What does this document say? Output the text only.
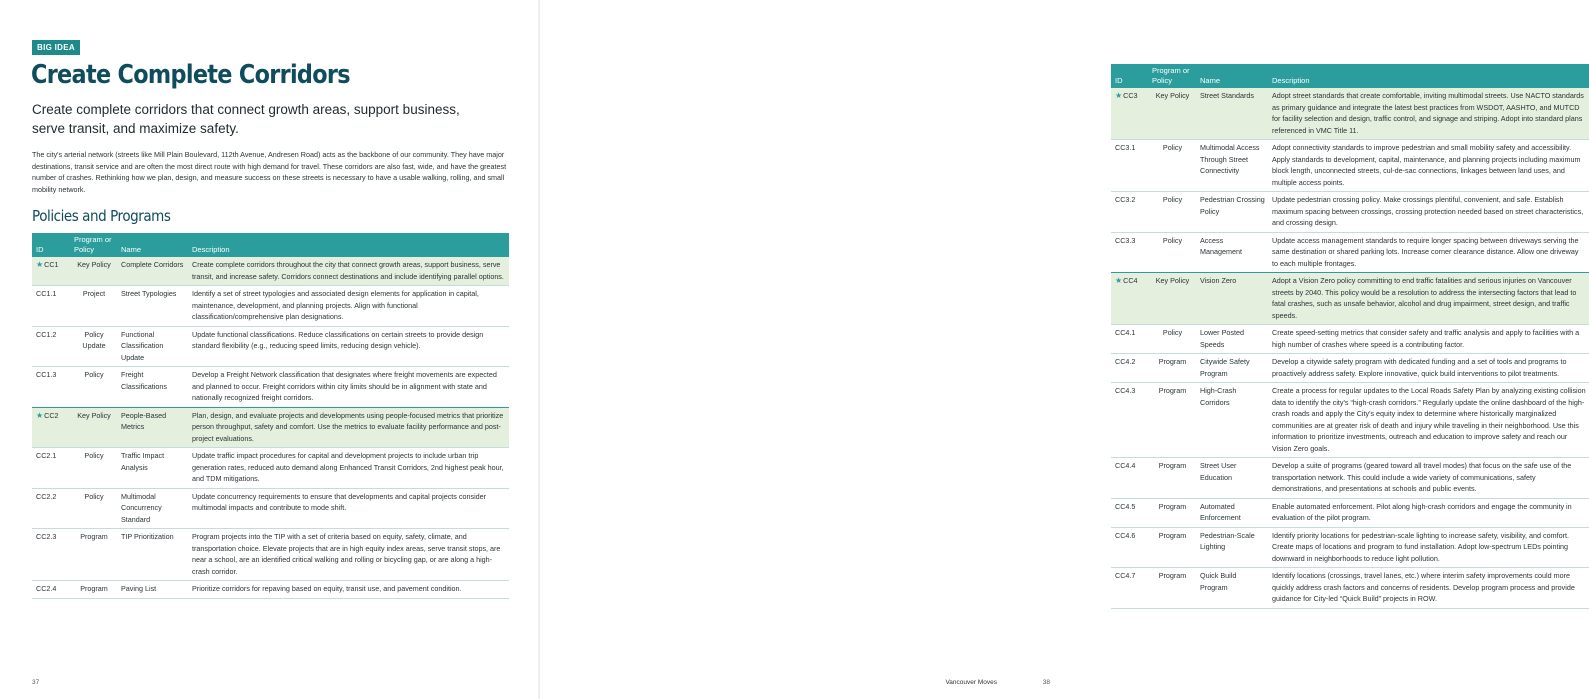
BIG IDEA
Create Complete Corridors
Create complete corridors that connect growth areas, support business, serve transit, and maximize safety.
The city's arterial network (streets like Mill Plain Boulevard, 112th Avenue, Andresen Road) acts as the backbone of our community. They have major destinations, transit service and are often the most direct route with high demand for travel. These corridors are also fast, wide, and have the greatest number of crashes. Rethinking how we plan, design, and measure success on these streets is necessary to have a usable walking, rolling, and small mobility network.
Policies and Programs
ID	Program or Policy	Name	Description
★CC1	Key Policy	Complete Corridors	Create complete corridors throughout the city that connect growth areas, support business, serve transit, and increase safety. Corridors connect destinations and include identifying parallel options.
CC1.1	Project	Street Typologies	Identify a set of street typologies and associated design elements for application in capital, maintenance, development, and planning projects. Align with functional classification/comprehensive plan designations.
CC1.2	Policy Update	Functional Classification Update	Update functional classifications. Reduce classifications on certain streets to provide design standard flexibility (e.g., reducing speed limits, reducing design vehicle).
CC1.3	Policy	Freight Classifications	Develop a Freight Network classification that designates where freight movements are expected and planned to occur. Freight corridors within city limits should be in alignment with state and nationally recognized freight corridors.
★CC2	Key Policy	People-Based Metrics	Plan, design, and evaluate projects and developments using people-focused metrics that prioritize person throughput, safety and comfort. Use the metrics to evaluate facility performance and post-project evaluations.
CC2.1	Policy	Traffic Impact Analysis	Update traffic impact procedures for capital and development projects to include urban trip generation rates, reduced auto demand along Enhanced Transit Corridors, 2nd highest peak hour, and TDM mitigations.
CC2.2	Policy	Multimodal Concurrency Standard	Update concurrency requirements to ensure that developments and capital projects consider multimodal impacts and contribute to mode shift.
CC2.3	Program	TIP Prioritization	Program projects into the TIP with a set of criteria based on equity, safety, climate, and transportation choice. Elevate projects that are in high equity index areas, serve transit stops, are near a school, are an identified critical walking and rolling or bicycling gap, or are along a high-crash corridor.
CC2.4	Program	Paving List	Prioritize corridors for repaving based on equity, transit use, and pavement condition.
37
ID	Program or Policy	Name	Description
★CC3	Key Policy	Street Standards	Adopt street standards that create comfortable, inviting multimodal streets. Use NACTO standards as primary guidance and integrate the latest best practices from WSDOT, AASHTO, and MUTCD for facility selection and design, traffic control, and signage and striping. Adopt into standard plans referenced in VMC Title 11.
CC3.1	Policy	Multimodal Access Through Street Connectivity	Adopt connectivity standards to improve pedestrian and small mobility safety and accessibility. Apply standards to development, capital, maintenance, and planning projects including maximum block length, unconnected streets, cul-de-sac connections, linkages between land uses, and multiple access points.
CC3.2	Policy	Pedestrian Crossing Policy	Update pedestrian crossing policy. Make crossings plentiful, convenient, and safe. Establish maximum spacing between crossings, crossing protection needed based on street characteristics, and crossing design.
CC3.3	Policy	Access Management	Update access management standards to require longer spacing between driveways serving the same destination or shared parking lots. Increase corner clearance distance. Allow one driveway to each multiple frontages.
★CC4	Key Policy	Vision Zero	Adopt a Vision Zero policy committing to end traffic fatalities and serious injuries on Vancouver streets by 2040. This policy would be a resolution to address the intersecting factors that lead to fatal crashes, such as unsafe behavior, alcohol and drug impairment, street design, and traffic speeds.
CC4.1	Policy	Lower Posted Speeds	Create speed-setting metrics that consider safety and traffic analysis and apply to facilities with a high number of crashes where speed is a contributing factor.
CC4.2	Program	Citywide Safety Program	Develop a citywide safety program with dedicated funding and a set of tools and programs to proactively address safety. Explore innovative, quick build interventions to pilot treatments.
CC4.3	Program	High-Crash Corridors	Create a process for regular updates to the Local Roads Safety Plan by analyzing existing collision data to identify the city's “high-crash corridors.” Regularly update the online dashboard of the high-crash roads and apply the City's equity index to determine where historically marginalized communities are at greater risk of death and injury while traveling in their neighborhood. Use this information to prioritize investments, outreach and education to improve safety and reach our Vision Zero goals.
CC4.4	Program	Street User Education	Develop a suite of programs (geared toward all travel modes) that focus on the safe use of the transportation network. This could include a wide variety of communications, safety demonstrations, and presentations at schools and public events.
CC4.5	Program	Automated Enforcement	Enable automated enforcement. Pilot along high-crash corridors and engage the community in evaluation of the pilot program.
CC4.6	Program	Pedestrian-Scale Lighting	Identify priority locations for pedestrian-scale lighting to increase safety, visibility, and comfort. Create maps of locations and program to fund installation. Adopt low-spectrum LEDs pointing downward in neighborhoods to reduce light pollution.
CC4.7	Program	Quick Build Program	Identify locations (crossings, travel lanes, etc.) where interim safety improvements could more quickly address crash factors and concerns of residents. Develop program process and provide guidance for City-led “Quick Build” projects in ROW.
Vancouver Moves	38
